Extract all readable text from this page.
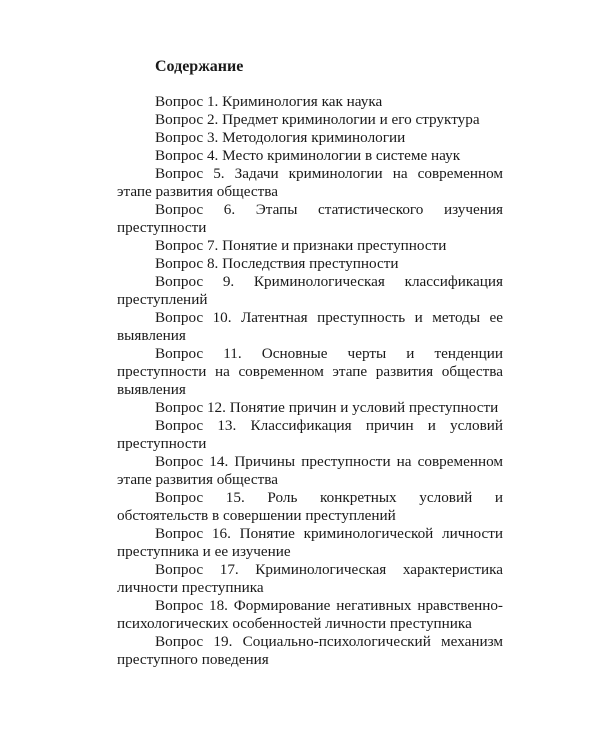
Содержание

Вопрос 1. Криминология как наука

Вопрос 2. Предмет криминологии и его структура

Вопрос 3. Методология криминологии

Вопрос 4. Место криминологии в системе наук

Вопрос 5. Задачи криминологии на современном этапе развития общества

Вопрос 6. Этапы статистического изучения преступности

Вопрос 7. Понятие и признаки преступности

Вопрос 8. Последствия преступности

Вопрос 9. Криминологическая классификация преступлений

Вопрос 10. Латентная преступность и методы ее выявления

Вопрос 11. Основные черты и тенденции преступности на современном этапе развития общества выявления

Вопрос 12. Понятие причин и условий преступности

Вопрос 13. Классификация причин и условий преступности

Вопрос 14. Причины преступности на современном этапе развития общества

Вопрос 15. Роль конкретных условий и обстоятельств в совершении преступлений

Вопрос 16. Понятие криминологической личности преступника и ее изучение

Вопрос 17. Криминологическая характеристика личности преступника

Вопрос 18. Формирование негативных нравственно-психологических особенностей личности преступника

Вопрос 19. Социально-психологический механизм преступного поведения
